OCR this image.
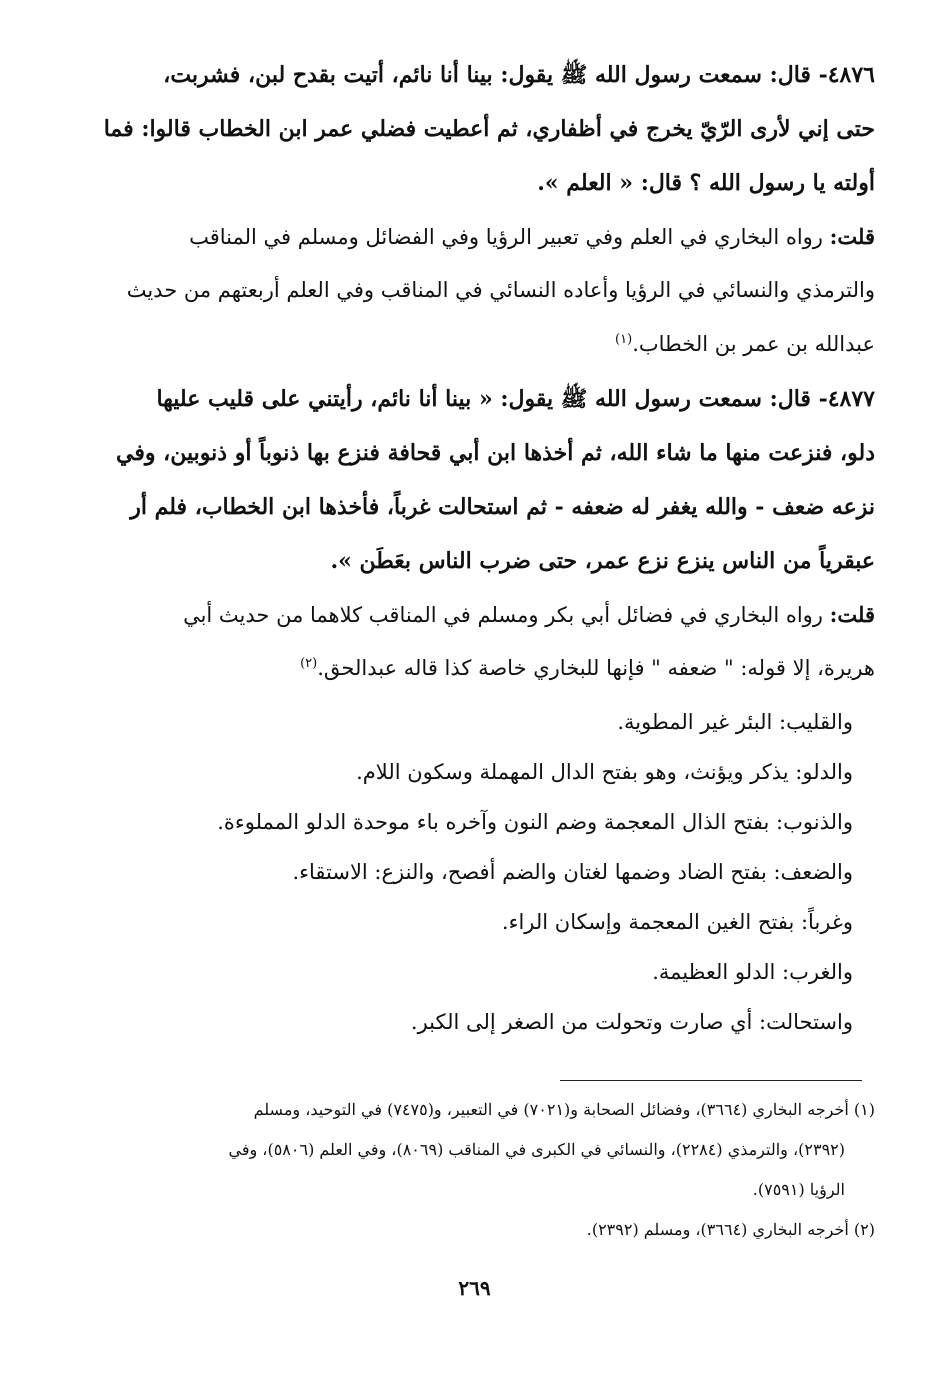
٤٨٧٦- قال: سمعت رسول الله ﷺ يقول: بينا أنا نائم، أتيت بقدح لبن، فشربت،
حتى إني لأرى الرّيّ يخرج في أظفاري، ثم أعطيت فضلي عمر ابن الخطاب قالوا: فما
أولته يا رسول الله ؟ قال: « العلم ».
قلت: رواه البخاري في العلم وفي تعبير الرؤيا وفي الفضائل ومسلم في المناقب
والترمذي والنسائي في الرؤيا وأعاده النسائي في المناقب وفي العلم أربعتهم من حديث
عبدالله بن عمر بن الخطاب.$^{(١)}$
٤٨٧٧- قال: سمعت رسول الله ﷺ يقول: « بينا أنا نائم، رأيتني على قليب عليها
دلو، فنزعت منها ما شاء الله، ثم أخذها ابن أبي قحافة فنزع بها ذنوباً أو ذنوبين، وفي
نزعه ضعف - والله يغفر له ضعفه - ثم استحالت غرباً، فأخذها ابن الخطاب، فلم أر
عبقرياً من الناس ينزع نزع عمر، حتى ضرب الناس بعَطَن ».
قلت: رواه البخاري في فضائل أبي بكر ومسلم في المناقب كلاهما من حديث أبي
هريرة، إلا قوله: " ضعفه " فإنها للبخاري خاصة كذا قاله عبدالحق.$^{(٢)}$
والقليب: البئر غير المطوية.
والدلو: يذكر ويؤنث، وهو بفتح الدال المهملة وسكون اللام.
والذنوب: بفتح الذال المعجمة وضم النون وآخره باء موحدة الدلو المملوءة.
والضعف: بفتح الضاد وضمها لغتان والضم أفصح، والنزع: الاستقاء.
وغرباً: بفتح الغين المعجمة وإسكان الراء.
والغرب: الدلو العظيمة.
واستحالت: أي صارت وتحولت من الصغر إلى الكبر.
(١) أخرجه البخاري (٣٦٦٤)، وفضائل الصحابة و(٧٠٢١) في التعبير، و(٧٤٧٥) في التوحيد، ومسلم
(٢٣٩٢)، والترمذي (٢٢٨٤)، والنسائي في الكبرى في المناقب (٨٠٦٩)، وفي العلم (٥٨٠٦)، وفي
الرؤيا (٧٥٩١).
(٢) أخرجه البخاري (٣٦٦٤)، ومسلم (٢٣٩٢).
٢٦٩
